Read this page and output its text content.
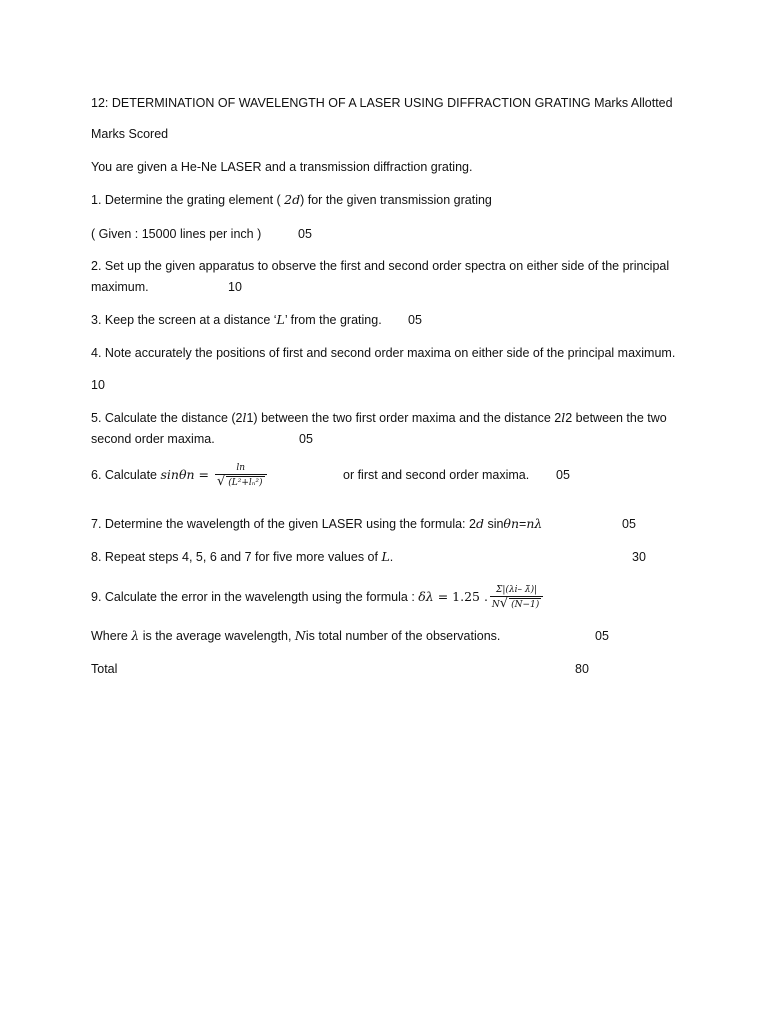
12: DETERMINATION OF WAVELENGTH OF A LASER USING DIFFRACTION GRATING Marks Allotted
Marks Scored
You are given a He-Ne LASER and a transmission diffraction grating.
1. Determine the grating element ( 2d) for the given transmission grating
( Given : 15000 lines per inch )	05
2. Set up the given apparatus to observe the first and second order spectra on either side of the principal
maximum.	10
3. Keep the screen at a distance ‘L’ from the grating. 05
4. Note accurately the positions of first and second order maxima on either side of the principal maximum.
10
5. Calculate the distance (2l1) between the two first order maxima and the distance 2l2 between the two
second order maxima.	05
6. Calculate $\sin\theta n = \frac{\ln}{\text{√ (L²+lₙ²)}}$	or first and second order maxima. 05
7. Determine the wavelength of the given LASER using the formula: 2d sinθn=nλ	05
8. Repeat steps 4, 5, 6 and 7 for five more values of L.	30
9. Calculate the error in the wavelength using the formula : δλ = 1.25 . $\frac{\Sigma|(\lambda i- \lambdā)|}{N√ (N-1)}$
Where λ is the average wavelength, Nis total number of the observations.	05
Total	80
